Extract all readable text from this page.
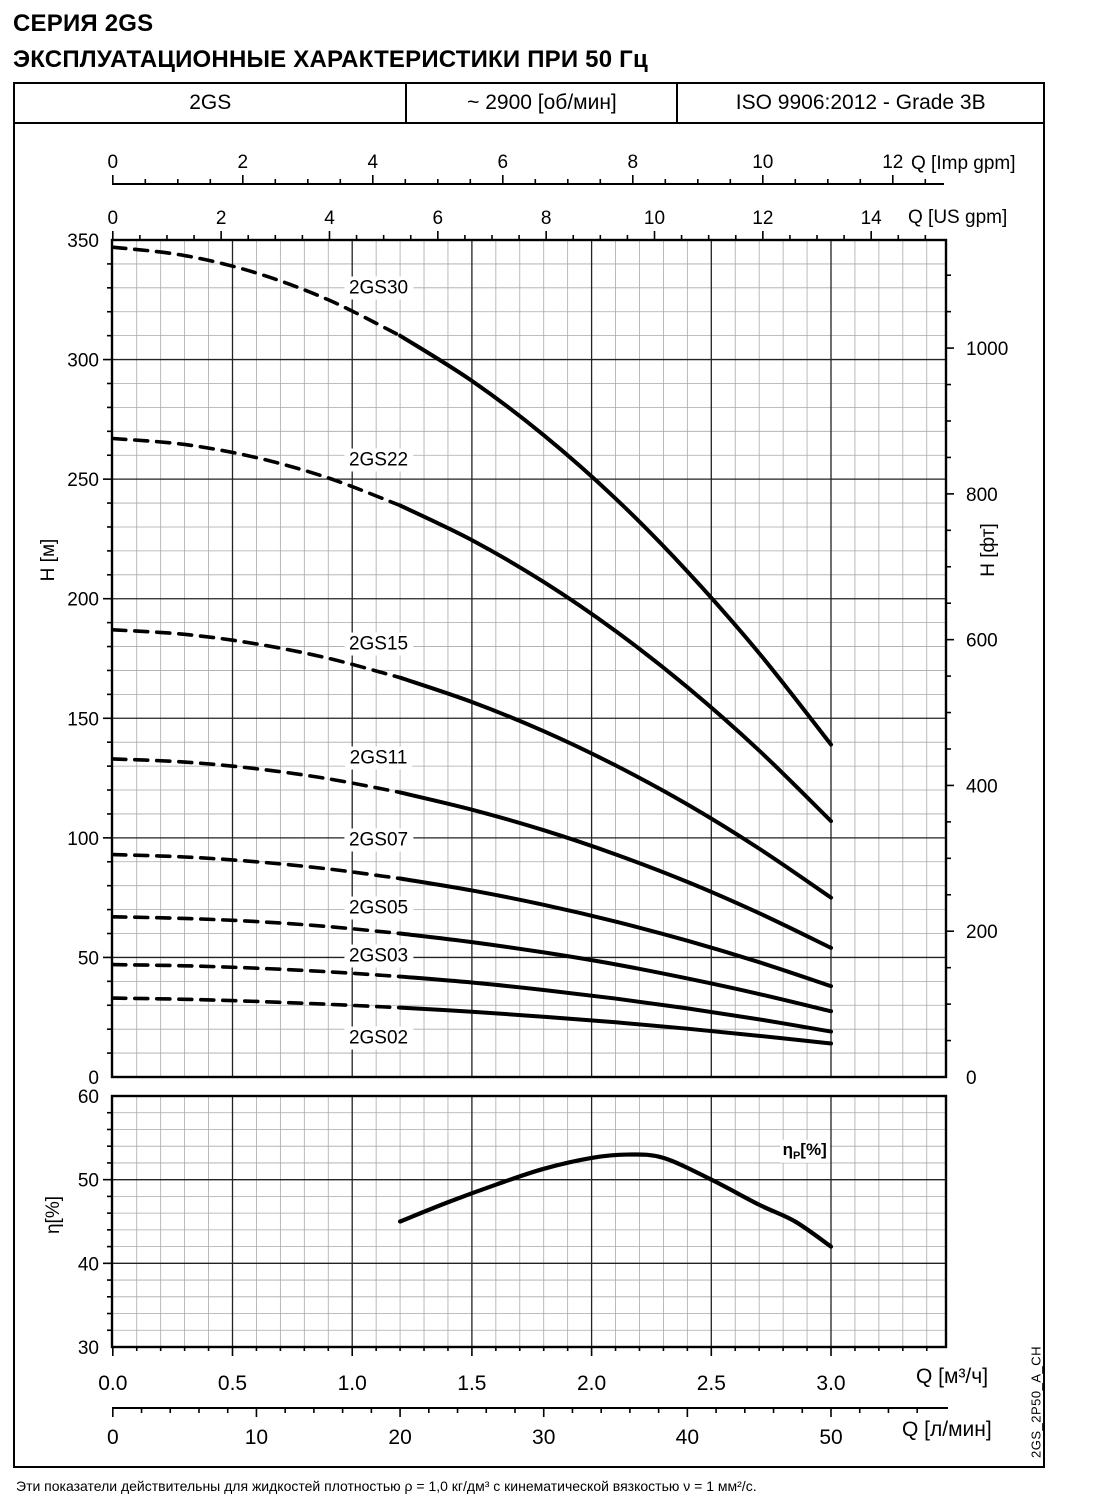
СЕРИЯ 2GS
ЭКСПЛУАТАЦИОННЫЕ ХАРАКТЕРИСТИКИ ПРИ 50 Гц
2GS	~ 2900 [об/мин]	ISO 9906:2012 - Grade 3B
0	2	4	6	8	10	12
0	2	4	6	8	10	12	14
0
50
100
150
200
250
300
350
0
200
400
600
800
1000
30
40
50
60
0.0	0.5	1.0	1.5	2.0	2.5	3.0
0	10	20	30	40	50
Q [Imp gpm]
Q [US gpm]
Q [м³/ч]
Q [л/мин]
H [м]	H [фт]
η[%]
2GS30
2GS22
2GS15
2GS11
2GS07
2GS05
2GS03
2GS02
$\eta_P[\%]$
Эти показатели действительны для жидкостей плотностью ρ = 1,0 кг/дм³ с кинематической вязкостью ν = 1 мм²/с.
2GS_2P50_A_CH
